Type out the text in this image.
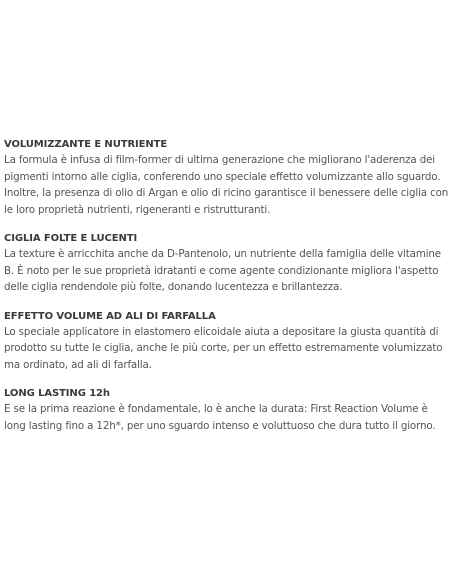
VOLUMIZZANTE E NUTRIENTE

La formula è infusa di film-former di ultima generazione che migliorano l'aderenza dei pigmenti intorno alle ciglia, conferendo uno speciale effetto volumizzante allo sguardo. Inoltre, la presenza di olio di Argan e olio di ricino garantisce il benessere delle ciglia con le loro proprietà nutrienti, rigeneranti e ristrutturanti.

CIGLIA FOLTE E LUCENTI

La texture è arricchita anche da D-Pantenolo, un nutriente della famiglia delle vitamine B. È noto per le sue proprietà idratanti e come agente condizionante migliora l'aspetto delle ciglia rendendole più folte, donando lucentezza e brillantezza.

EFFETTO VOLUME AD ALI DI FARFALLA

Lo speciale applicatore in elastomero elicoidale aiuta a depositare la giusta quantità di prodotto su tutte le ciglia, anche le più corte, per un effetto estremamente volumizzato ma ordinato, ad ali di farfalla.

LONG LASTING 12h

E se la prima reazione è fondamentale, lo è anche la durata: First Reaction Volume è long lasting fino a 12h*, per uno sguardo intenso e voluttuoso che dura tutto il giorno.
